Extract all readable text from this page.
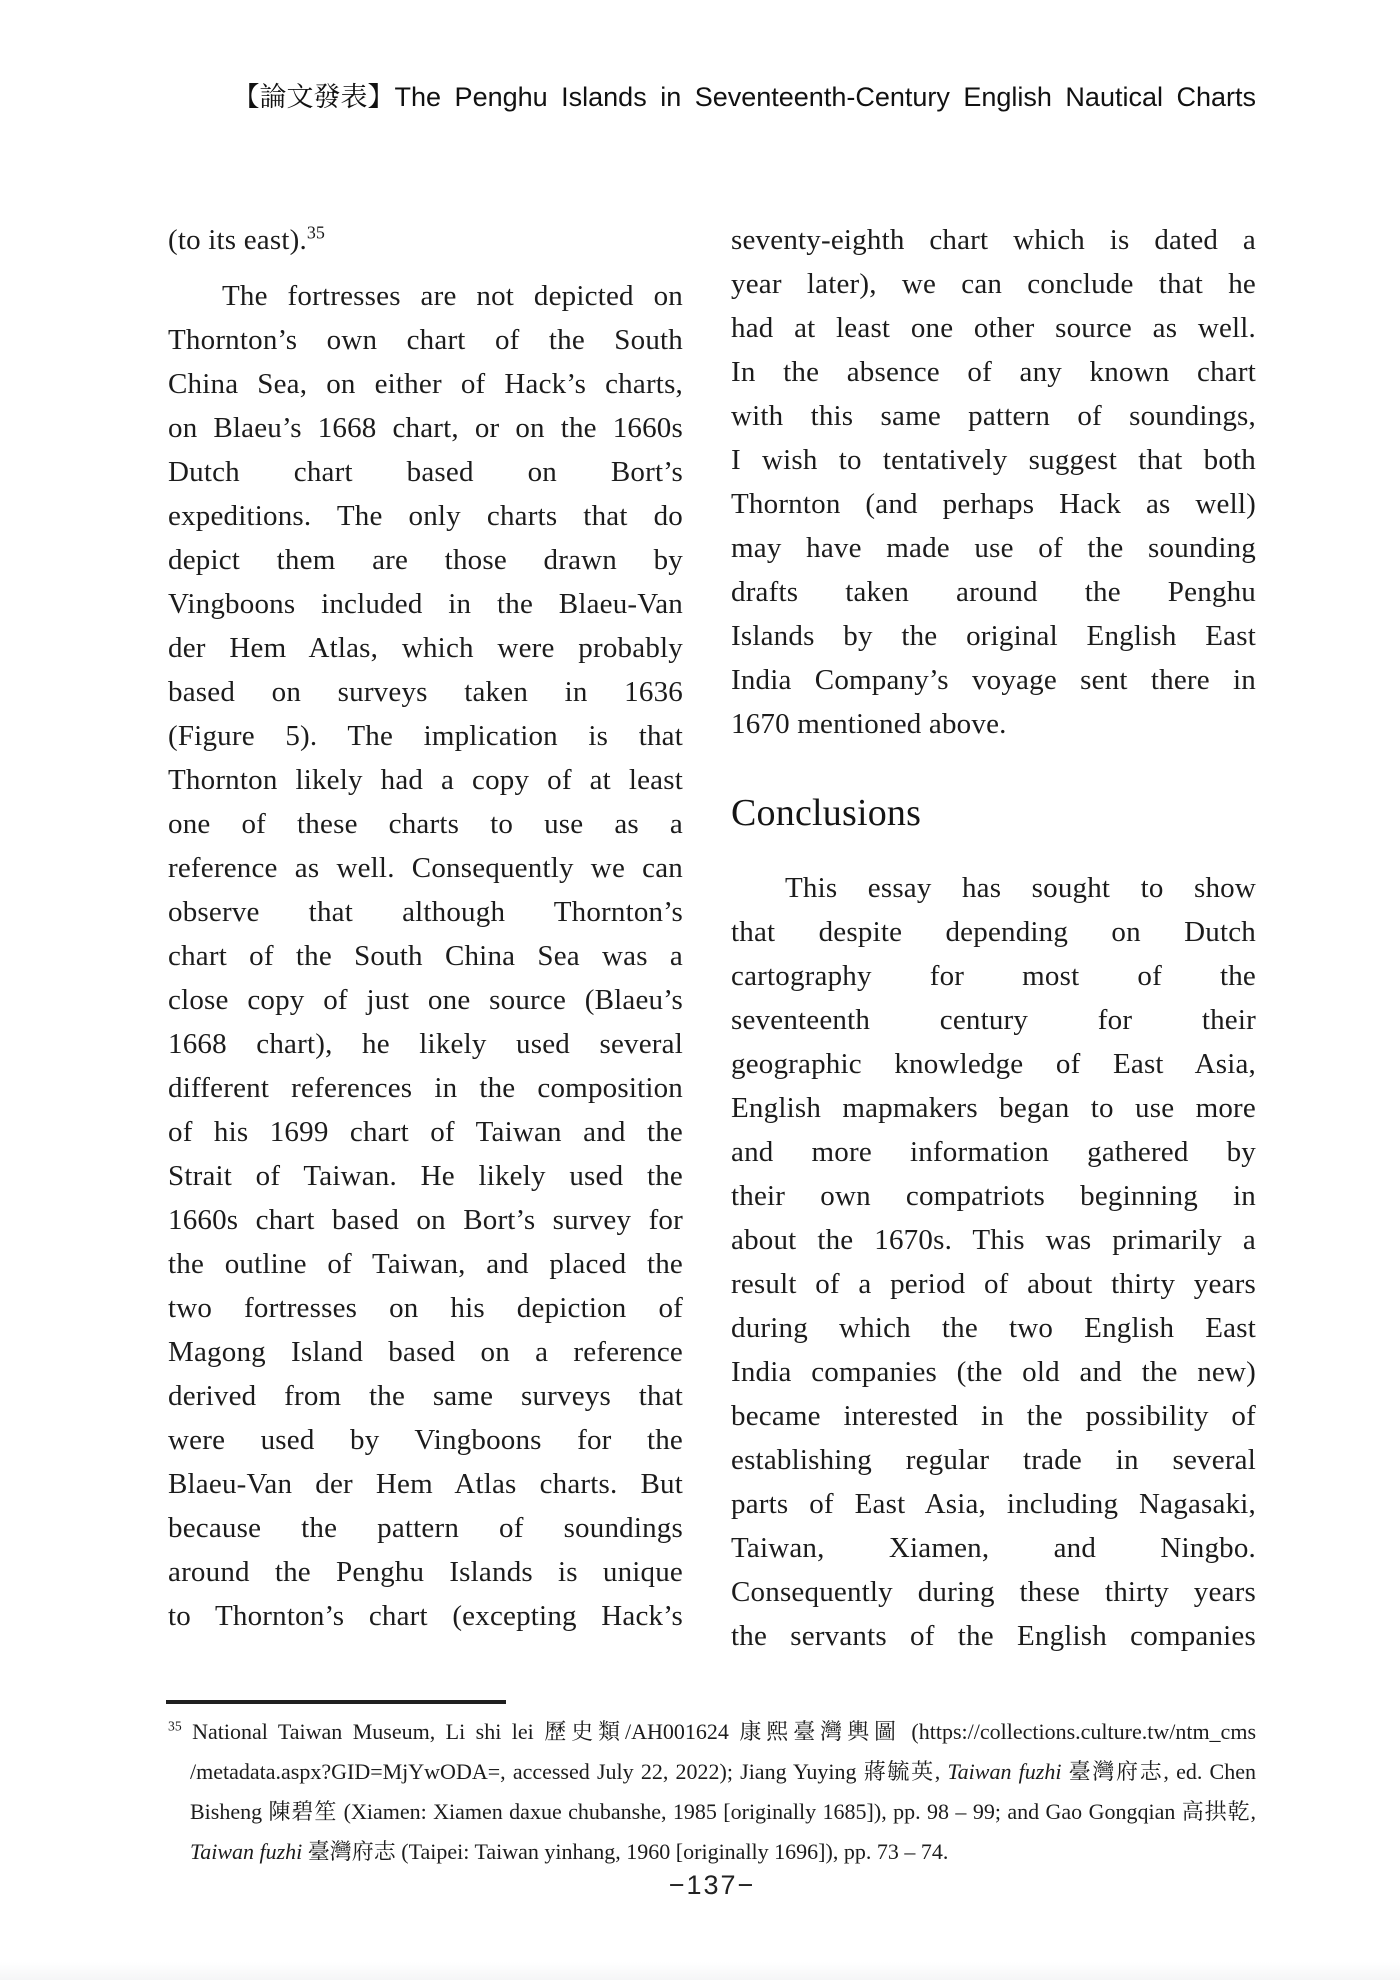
【論文發表】The Penghu Islands in Seventeenth-Century English Nautical Charts
(to its east).$^{35}$
The fortresses are not depicted on
Thornton’s own chart of the South
China Sea, on either of Hack’s charts,
on Blaeu’s 1668 chart, or on the 1660s
Dutch chart based on Bort’s
expeditions. The only charts that do
depict them are those drawn by
Vingboons included in the Blaeu-Van
der Hem Atlas, which were probably
based on surveys taken in 1636
(Figure 5). The implication is that
Thornton likely had a copy of at least
one of these charts to use as a
reference as well. Consequently we can
observe that although Thornton’s
chart of the South China Sea was a
close copy of just one source (Blaeu’s
1668 chart), he likely used several
different references in the composition
of his 1699 chart of Taiwan and the
Strait of Taiwan. He likely used the
1660s chart based on Bort’s survey for
the outline of Taiwan, and placed the
two fortresses on his depiction of
Magong Island based on a reference
derived from the same surveys that
were used by Vingboons for the
Blaeu-Van der Hem Atlas charts. But
because the pattern of soundings
around the Penghu Islands is unique
to Thornton’s chart (excepting Hack’s
seventy-eighth chart which is dated a
year later), we can conclude that he
had at least one other source as well.
In the absence of any known chart
with this same pattern of soundings,
I wish to tentatively suggest that both
Thornton (and perhaps Hack as well)
may have made use of the sounding
drafts taken around the Penghu
Islands by the original English East
India Company’s voyage sent there in
1670 mentioned above.
Conclusions
This essay has sought to show
that despite depending on Dutch
cartography for most of the
seventeenth century for their
geographic knowledge of East Asia,
English mapmakers began to use more
and more information gathered by
their own compatriots beginning in
about the 1670s. This was primarily a
result of a period of about thirty years
during which the two English East
India companies (the old and the new)
became interested in the possibility of
establishing regular trade in several
parts of East Asia, including Nagasaki,
Taiwan, Xiamen, and Ningbo.
Consequently during these thirty years
the servants of the English companies
$^{35}$ National Taiwan Museum, Li shi lei 歷史類/AH001624 康熙臺灣輿圖 (https://collections.culture.tw/ntm_cms
/metadata.aspx?GID=MjYwODA=, accessed July 22, 2022); Jiang Yuying 蔣毓英, Taiwan fuzhi 臺灣府志, ed. Chen
Bisheng 陳碧笙 (Xiamen: Xiamen daxue chubanshe, 1985 [originally 1685]), pp. 98 – 99; and Gao Gongqian 高拱乾,
Taiwan fuzhi 臺灣府志 (Taipei: Taiwan yinhang, 1960 [originally 1696]), pp. 73 – 74.
−137−
